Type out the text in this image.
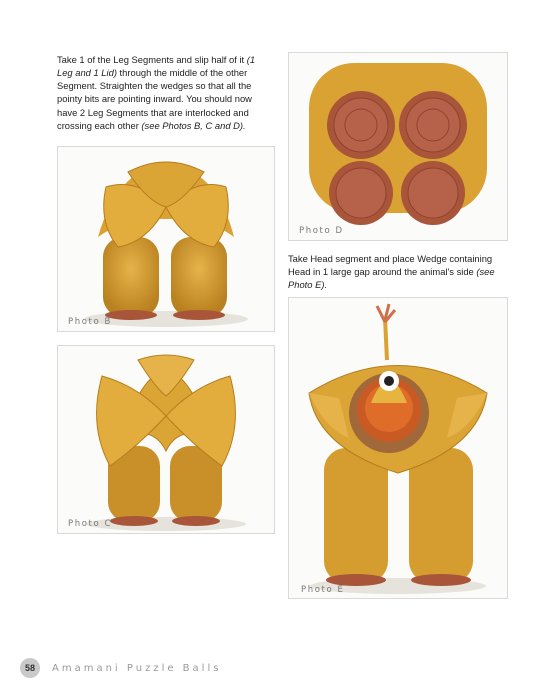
Take 1 of the Leg Segments and slip half of it (1 Leg and 1 Lid) through the middle of the other Segment. Straighten the wedges so that all the pointy bits are pointing inward. You should now have 2 Leg Segments that are interlocked and crossing each other (see Photos B, C and D).
Photo B
Photo C
Photo D
Take Head segment and place Wedge containing Head in 1 large gap around the animal's side (see Photo E).
Photo E
58	Amamani Puzzle Balls
